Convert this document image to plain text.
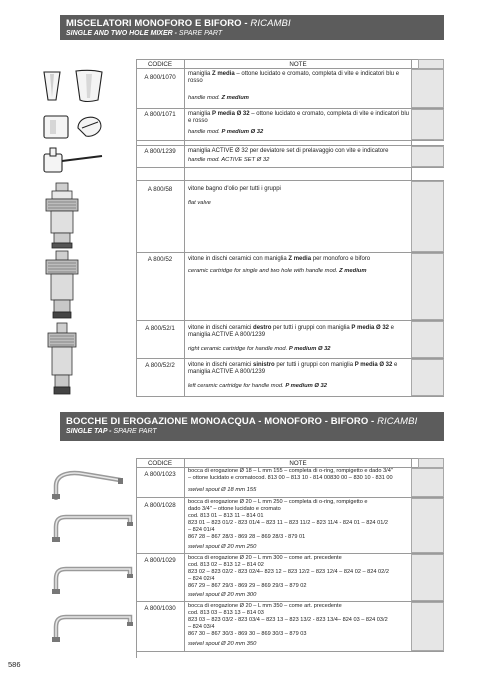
MISCELATORI MONOFORO E BIFORO - RICAMBI
SINGLE AND TWO HOLE MIXER - SPARE PART
CODICE	NOTE
A 800/1070	maniglia Z media – ottone lucidato e cromato, completa di vite e indicatori blu e rosso
handle mod. Z medium
A 800/1071	maniglia P media Ø 32 – ottone lucidato e cromato, completa di vite e indicatori blu e rosso
handle mod. P medium Ø 32
A 800/1239	maniglia ACTIVE Ø 32 per deviatore set di prelavaggio con vite e indicatore
handle mod. ACTIVE SET Ø 32
A 800/58	vitone bagno d'olio per tutti i gruppi
flat valve
A 800/52	vitone in dischi ceramici con maniglia Z media per monoforo e biforo
ceramic cartridge for single and two hole with handle mod. Z medium
A 800/52/1	vitone in dischi ceramici destro per tutti i gruppi con maniglia P media Ø 32 e maniglia ACTIVE A 800/1239
right ceramic cartridge for handle mod. P medium Ø 32
A 800/52/2	vitone in dischi ceramici sinistro per tutti i gruppi con maniglia P media Ø 32 e maniglia ACTIVE A 800/1239
left ceramic cartridge for handle mod. P medium Ø 32
BOCCHE DI EROGAZIONE MONOACQUA - MONOFORO - BIFORO - RICAMBI
SINGLE TAP - SPARE PART
CODICE	NOTE
A 800/1023	bocca di erogazione Ø 18 – L mm 155 – completa di o-ring, rompigetto e dado 3/4"
– ottone lucidato e cromatocod. 813 00 – 813 10 - 814 00830 00 – 830 10 - 831 00
swivel spout Ø 18 mm 155
A 800/1028	bocca di erogazione Ø 20 – L mm 250 – completa di o-ring, rompigetto e
dado 3/4" – ottone lucidato e cromato
cod. 813 01 – 813 11 – 814 01
823 01 – 823 01/2 - 823 01/4 – 823 11 – 823 11/2 – 823 11/4 - 824 01 – 824 01/2
– 824 01/4
867 28 – 867 28/3 - 869 28 – 869 28/3 - 879 01
swivel spout Ø 20 mm 250
A 800/1029	bocca di erogazione Ø 20 – L mm 300 – come art. precedente
cod. 813 02 – 813 12 – 814 02
823 02 – 823 02/2 - 823 02/4– 823 12 – 823 12/2 – 823 12/4 – 824 02 – 824 02/2
– 824 02/4
867 29 – 867 29/3 - 869 29 – 869 29/3 – 879 02
swivel spout Ø 20 mm 300
A 800/1030	bocca di erogazione Ø 20 – L mm 350 – come art. precedente
cod. 813 03 – 813 13 – 814 03
823 03 – 823 03/2 - 823 03/4 – 823 13 – 823 13/2 - 823 13/4– 824 03 – 824 03/2
– 824 03/4
867 30 – 867 30/3 - 869 30 – 869 30/3 – 879 03
swivel spout Ø 20 mm 350
586
